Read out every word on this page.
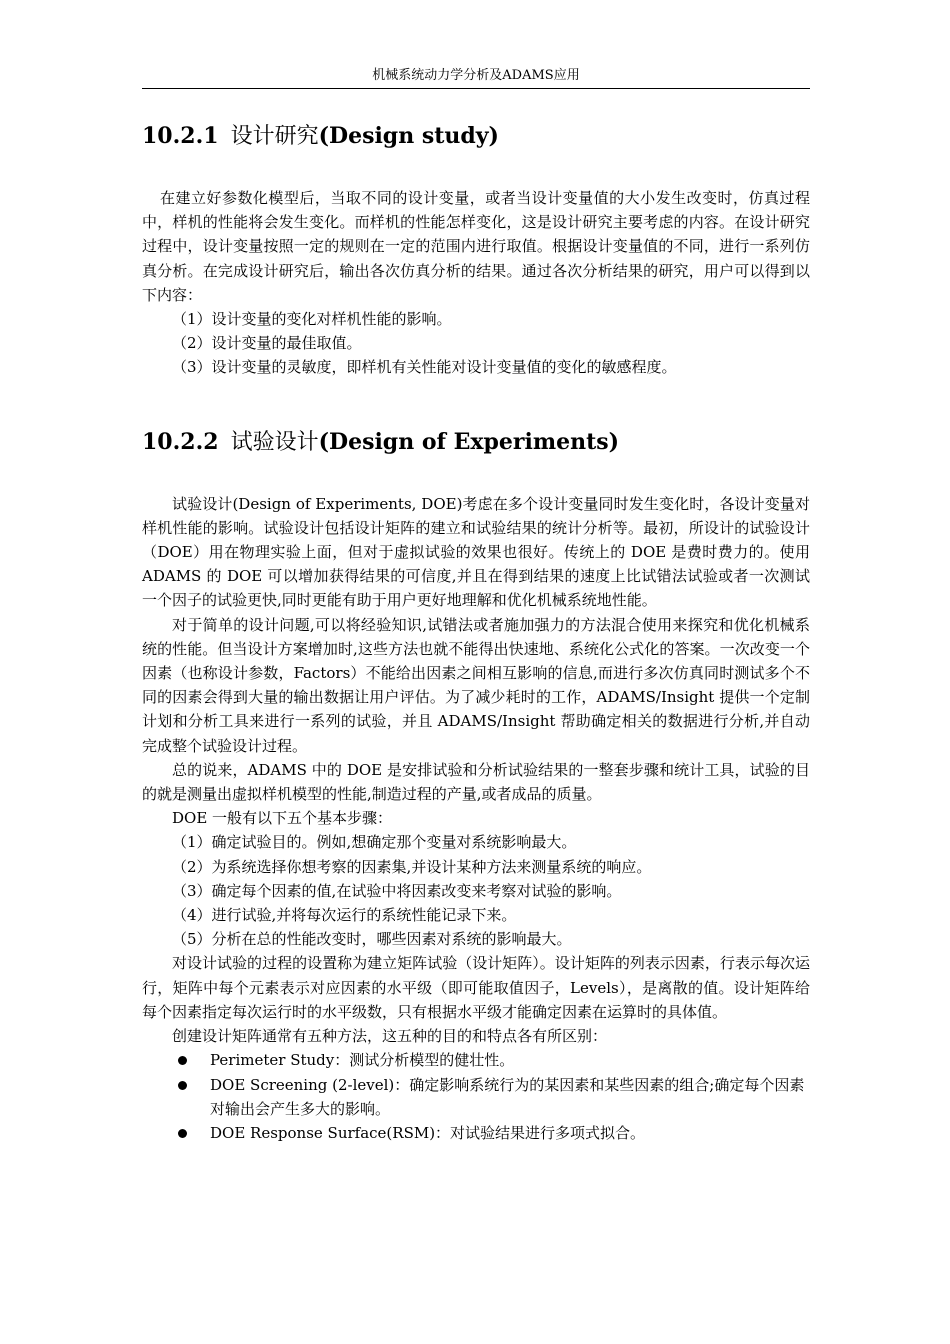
机械系统动力学分析及ADAMS应用
10.2.1 设计研究(Design study)

在建立好参数化模型后，当取不同的设计变量，或者当设计变量值的大小发生改变时，仿真过程中，样机的性能将会发生变化。而样机的性能怎样变化，这是设计研究主要考虑的内容。在设计研究过程中，设计变量按照一定的规则在一定的范围内进行取值。根据设计变量值的不同，进行一系列仿真分析。在完成设计研究后，输出各次仿真分析的结果。通过各次分析结果的研究，用户可以得到以下内容：

（1）设计变量的变化对样机性能的影响。

（2）设计变量的最佳取值。

（3）设计变量的灵敏度，即样机有关性能对设计变量值的变化的敏感程度。

10.2.2 试验设计(Design of Experiments)

试验设计(Design of Experiments, DOE)考虑在多个设计变量同时发生变化时，各设计变量对样机性能的影响。试验设计包括设计矩阵的建立和试验结果的统计分析等。最初，所设计的试验设计（DOE）用在物理实验上面，但对于虚拟试验的效果也很好。传统上的 DOE 是费时费力的。使用 ADAMS 的 DOE 可以增加获得结果的可信度,并且在得到结果的速度上比试错法试验或者一次测试一个因子的试验更快,同时更能有助于用户更好地理解和优化机械系统地性能。

对于简单的设计问题,可以将经验知识,试错法或者施加强力的方法混合使用来探究和优化机械系统的性能。但当设计方案增加时,这些方法也就不能得出快速地、系统化公式化的答案。一次改变一个因素（也称设计参数，Factors）不能给出因素之间相互影响的信息,而进行多次仿真同时测试多个不同的因素会得到大量的输出数据让用户评估。为了减少耗时的工作，ADAMS/Insight 提供一个定制计划和分析工具来进行一系列的试验，并且 ADAMS/Insight 帮助确定相关的数据进行分析,并自动完成整个试验设计过程。

总的说来，ADAMS 中的 DOE 是安排试验和分析试验结果的一整套步骤和统计工具，试验的目的就是测量出虚拟样机模型的性能,制造过程的产量,或者成品的质量。

DOE 一般有以下五个基本步骤：

（1）确定试验目的。例如,想确定那个变量对系统影响最大。

（2）为系统选择你想考察的因素集,并设计某种方法来测量系统的响应。

（3）确定每个因素的值,在试验中将因素改变来考察对试验的影响。

（4）进行试验,并将每次运行的系统性能记录下来。

（5）分析在总的性能改变时，哪些因素对系统的影响最大。

对设计试验的过程的设置称为建立矩阵试验（设计矩阵）。设计矩阵的列表示因素，行表示每次运行，矩阵中每个元素表示对应因素的水平级（即可能取值因子，Levels），是离散的值。设计矩阵给每个因素指定每次运行时的水平级数，只有根据水平级才能确定因素在运算时的具体值。

创建设计矩阵通常有五种方法，这五种的目的和特点各有所区别：

Perimeter Study：测试分析模型的健壮性。
DOE Screening (2-level)：确定影响系统行为的某因素和某些因素的组合;确定每个因素对输出会产生多大的影响。
DOE Response Surface(RSM)：对试验结果进行多项式拟合。
